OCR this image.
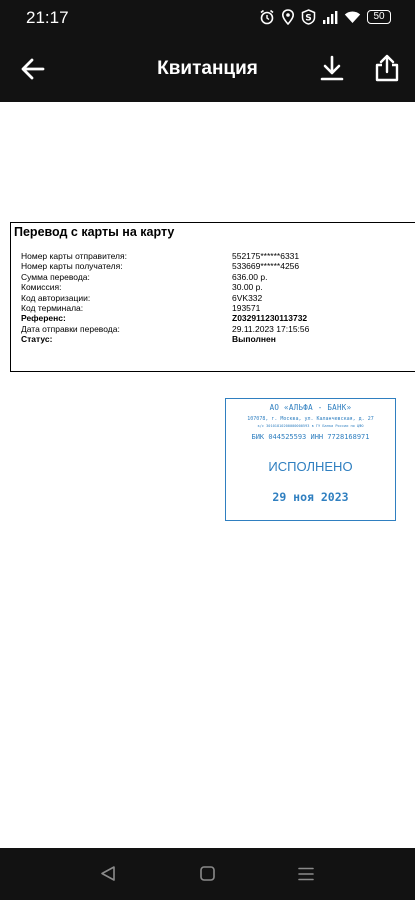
21:17	S	50
Квитанция
Перевод с карты на карту
Номер карты отправителя:	552175******6331
Номер карты получателя:	533669******4256
Сумма перевода:	636.00 р.
Комиссия:	30.00 р.
Код авторизации:	6VK332
Код терминала:	193571
Референс:	Z032911230113732
Дата отправки перевода:	29.11.2023 17:15:56
Статус:	Выполнен
АО «АЛЬФА - БАНК»
107078, г. Москва, ул. Каланчевская, д. 27
к/с 30101810200000000593 в ГУ Банка России по ЦФО
БИК 044525593 ИНН 7728168971
ИСПОЛНЕНО
29 ноя 2023
